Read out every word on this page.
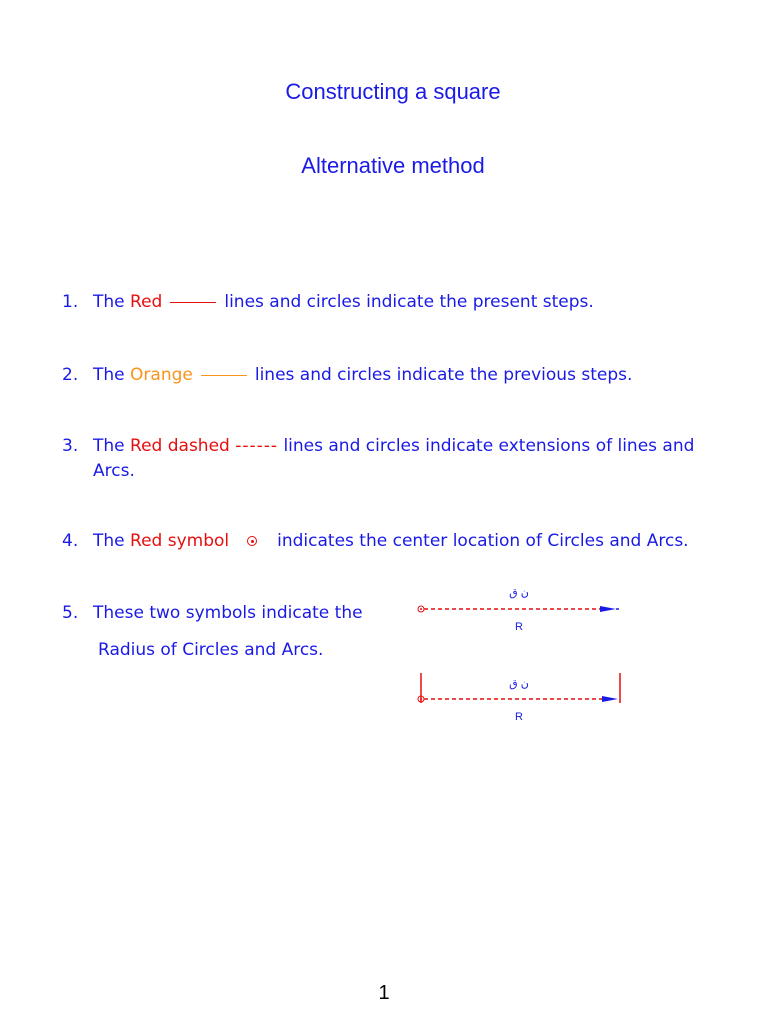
Constructing a square
Alternative method
1. The Red	lines and circles indicate the present steps.
2. The Orange	lines and circles indicate the previous steps.
3. The Red dashed ------ lines and circles indicate extensions of lines and
Arcs.
4. The Red symbol	indicates the center location of Circles and Arcs.
5. These two symbols indicate the
Radius of Circles and Arcs.
ن ق
R
ن ق
R
1
